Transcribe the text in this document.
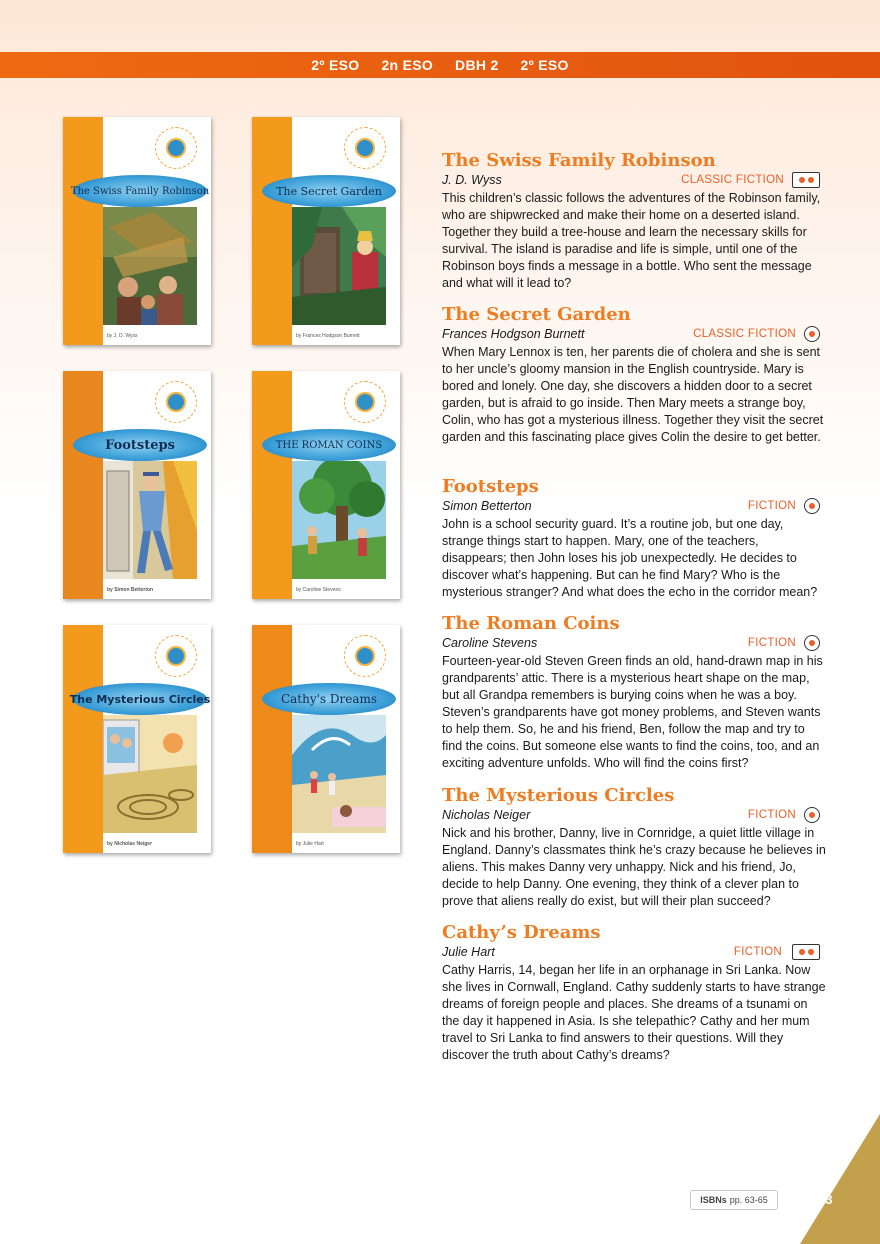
2º ESO 2n ESO DBH 2 2º ESO
The Swiss Family Robinson
by J. D. Wyss
The Secret Garden
by Frances Hodgson Burnett
Footsteps
by Simon Betterton
THE ROMAN COINS
by Caroline Stevens
The Mysterious Circles
by Nicholas Neiger
Cathy's Dreams
by Julie Hart
The Swiss Family Robinson
J. D. Wyss	CLASSIC FICTION

This children’s classic follows the adventures of the Robinson family, who are shipwrecked and make their home on a deserted island. Together they build a tree-house and learn the necessary skills for survival. The island is paradise and life is simple, until one of the Robinson boys finds a message in a bottle. Who sent the message and what will it lead to?

The Secret Garden
Frances Hodgson Burnett	CLASSIC FICTION

When Mary Lennox is ten, her parents die of cholera and she is sent to her uncle’s gloomy mansion in the English countryside. Mary is bored and lonely. One day, she discovers a hidden door to a secret garden, but is afraid to go inside. Then Mary meets a strange boy, Colin, who has got a mysterious illness. Together they visit the secret garden and this fascinating place gives Colin the desire to get better.

Footsteps
Simon Betterton	FICTION

John is a school security guard. It’s a routine job, but one day, strange things start to happen. Mary, one of the teachers, disappears; then John loses his job unexpectedly. He decides to discover what’s happening. But can he find Mary? Who is the mysterious stranger? And what does the echo in the corridor mean?

The Roman Coins
Caroline Stevens	FICTION

Fourteen-year-old Steven Green finds an old, hand-drawn map in his grandparents’ attic. There is a mysterious heart shape on the map, but all Grandpa remembers is burying coins when he was a boy. Steven’s grandparents have got money problems, and Steven wants to help them. So, he and his friend, Ben, follow the map and try to find the coins. But someone else wants to find the coins, too, and an exciting adventure unfolds. Who will find the coins first?

The Mysterious Circles
Nicholas Neiger	FICTION

Nick and his brother, Danny, live in Cornridge, a quiet little village in England. Danny’s classmates think he’s crazy because he believes in aliens. This makes Danny very unhappy. Nick and his friend, Jo, decide to help Danny. One evening, they think of a clever plan to prove that aliens really do exist, but will their plan succeed?

Cathy’s Dreams
Julie Hart	FICTION

Cathy Harris, 14, began her life in an orphanage in Sri Lanka. Now she lives in Cornwall, England. Cathy suddenly starts to have strange dreams of foreign people and places. She dreams of a tsunami on the day it happened in Asia. Is she telepathic? Cathy and her mum travel to Sri Lanka to find answers to their questions. Will they discover the truth about Cathy’s dreams?

ISBNs pp. 63-65	43
